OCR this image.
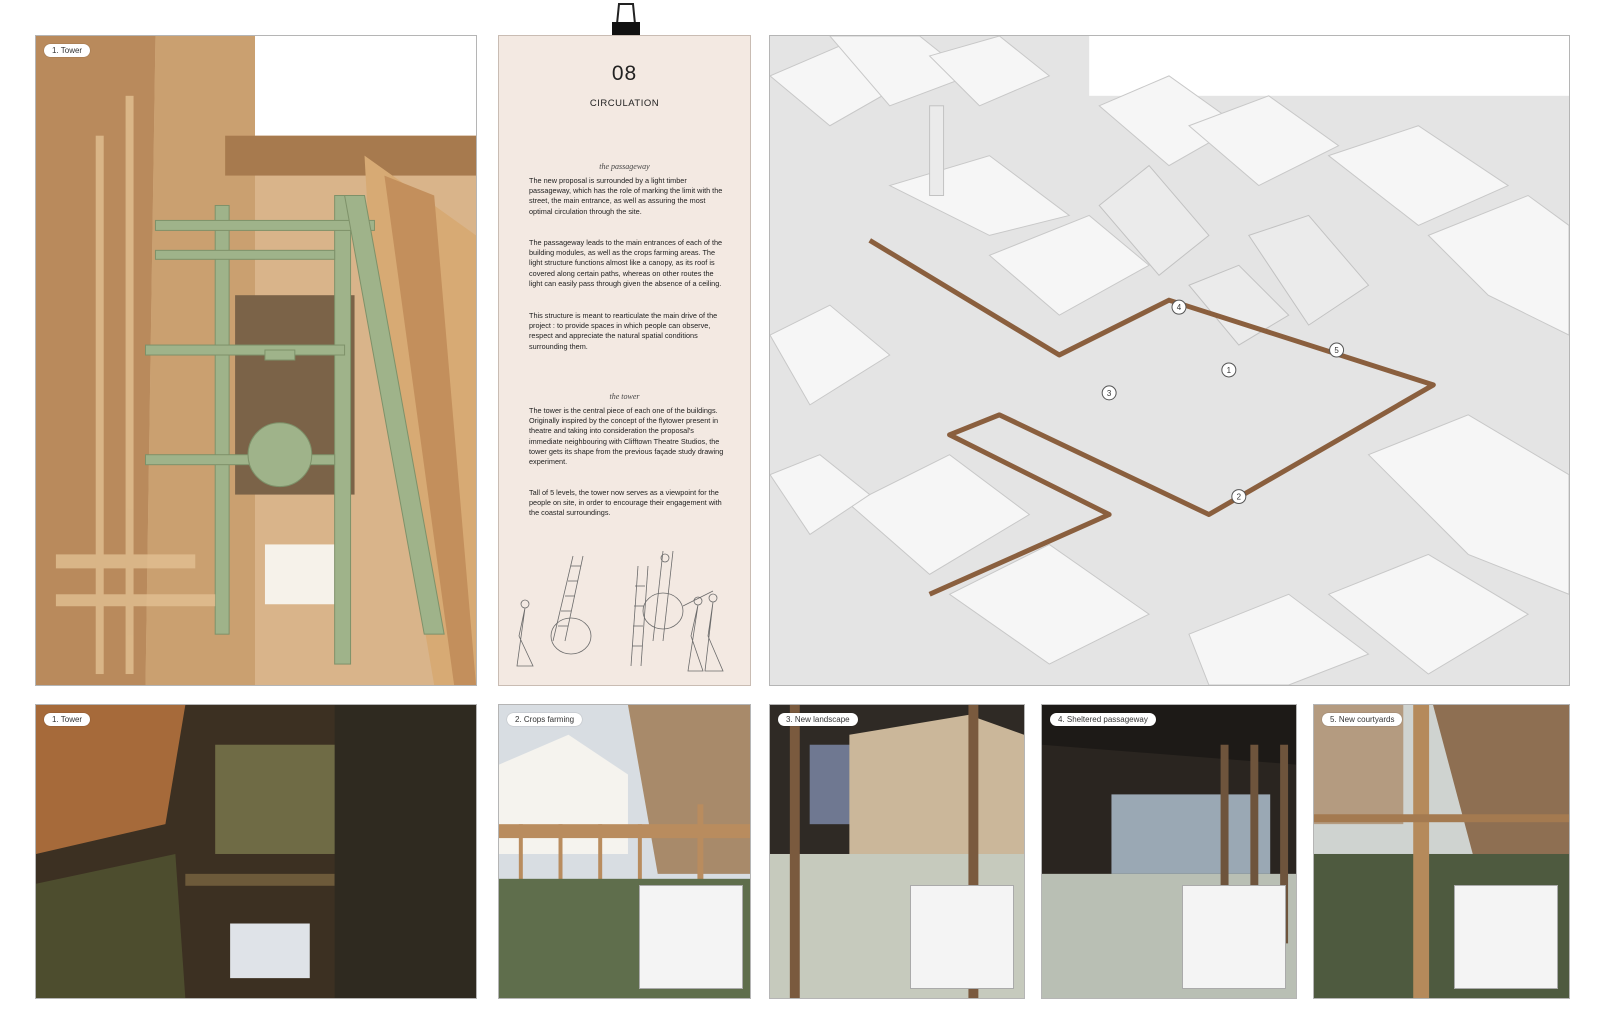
1. Tower
08
CIRCULATION
the passageway
The new proposal is surrounded by a light timber passageway, which has the role of marking the limit with the street, the main entrance, as well as assuring the most optimal circulation through the site.
The passageway leads to the main entrances of each of the building modules, as well as the crops farming areas. The light structure functions almost like a canopy, as its roof is covered along certain paths, whereas on other routes the light can easily pass through given the absence of a ceiling.
This structure is meant to rearticulate the main drive of the project : to provide spaces in which people can observe, respect and appreciate the natural spatial conditions surrounding them.
the tower
The tower is the central piece of each one of the buildings. Originally inspired by the concept of the flytower present in theatre and taking into consideration the proposal's immediate neighbouring with Clifftown Theatre Studios, the tower gets its shape from the previous façade study drawing experiment.
Tall of 5 levels, the tower now serves as a viewpoint for the people on site, in order to encourage their engagement with the coastal surroundings.
1
2
3
4
5
1. Tower	2. Crops farming	3. New landscape	4. Sheltered passageway	5. New courtyards
